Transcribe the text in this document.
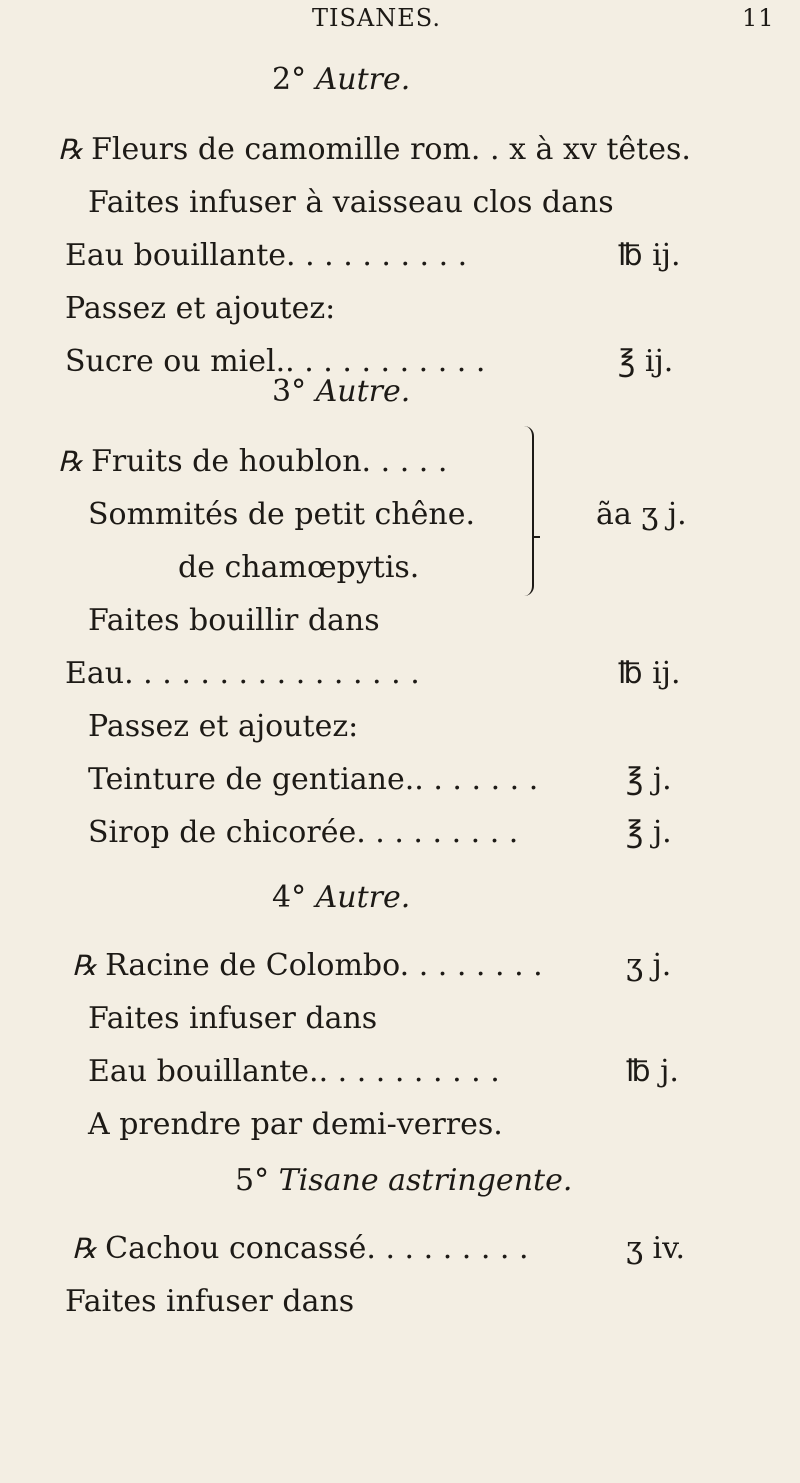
TISANES.	11
2° Autre.
℞ Fleurs de camomille rom. . x à xv têtes.
Faites infuser à vaisseau clos dans
Eau bouillante. . . . . . . . . .	℔ ij.
Passez et ajoutez:
Sucre ou miel.. . . . . . . . . . .	℥ ij.
3° Autre.
℞ Fruits de houblon. . . . .
Sommités de petit chêne.
de chamœpytis.
ãa ʒ j.
Faites bouillir dans
Eau. . . . . . . . . . . . . . . .	℔ ij.
Passez et ajoutez:
Teinture de gentiane.. . . . . . .	℥ j.
Sirop de chicorée. . . . . . . . .	℥ j.
4° Autre.
℞ Racine de Colombo. . . . . . . .	ʒ j.
Faites infuser dans
Eau bouillante.. . . . . . . . . .	℔ j.
A prendre par demi-verres.
5° Tisane astringente.
℞ Cachou concassé. . . . . . . . .	ʒ iv.
Faites infuser dans
